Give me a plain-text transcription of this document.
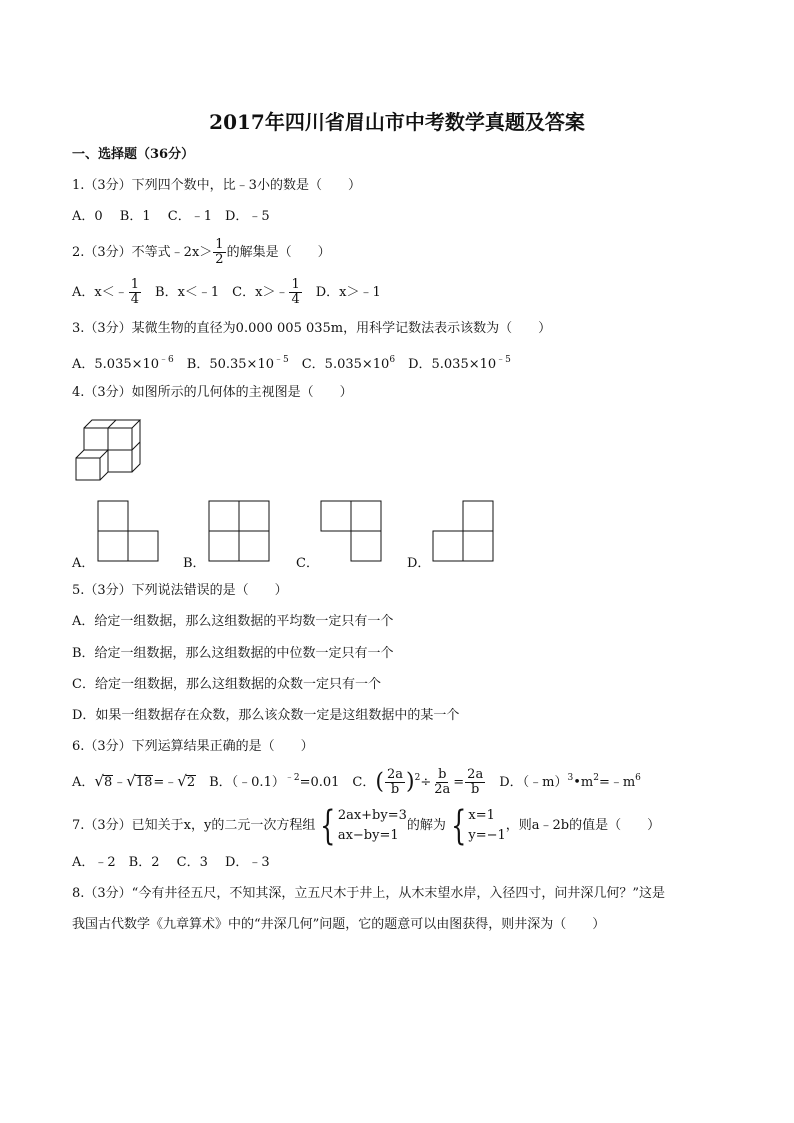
2017年四川省眉山市中考数学真题及答案
一、选择题（36分）
1.（3分）下列四个数中，比﹣3小的数是（　　）
A．0　 B．1　 C．﹣1　D．﹣5
2.（3分）不等式﹣2x＞ $\frac{1}{2}$ 的解集是（　　）
A．x＜﹣ $\frac{1}{4}$ 　B．x＜﹣1　C．x＞﹣ $\frac{1}{4}$ 　D．x＞﹣1
3.（3分）某微生物的直径为0.000 005 035m，用科学记数法表示该数为（　　）
A．$5.035\times 10^{﹣6}$　B．$50.35\times 10^{﹣5}$　C．$5.035\times 10^6$　D．$5.035\times 10^{﹣5}$
4.（3分）如图所示的几何体的主视图是（　　）
A．	B．	C．	D．
5.（3分）下列说法错误的是（　　）
A．给定一组数据，那么这组数据的平均数一定只有一个
B．给定一组数据，那么这组数据的中位数一定只有一个
C．给定一组数据，那么这组数据的众数一定只有一个
D．如果一组数据存在众数，那么该众数一定是这组数据中的某一个
6.（3分）下列运算结果正确的是（　　）
A．√8﹣√18=﹣√2　B．（﹣0.1）$^{﹣2}$=0.01　C．( $\frac{2a}{b} )^2\div \frac{b}{2a} = \frac{2a}{b}$ 　D．$(﹣m)^3•m^2=﹣m^6$
7.（3分）已知关于x，y的二元一次方程组 { 2ax+by=3
ax−by=1
的解为 { x=1
y=−1
，则a﹣2b的值是（　　）
A．﹣2　B．2　 C．3　 D．﹣3
8.（3分）“今有井径五尺，不知其深，立五尺木于井上，从木末望水岸，入径四寸，问井深几何？”这是
我国古代数学《九章算术》中的“井深几何”问题，它的题意可以由图获得，则井深为（　　）
